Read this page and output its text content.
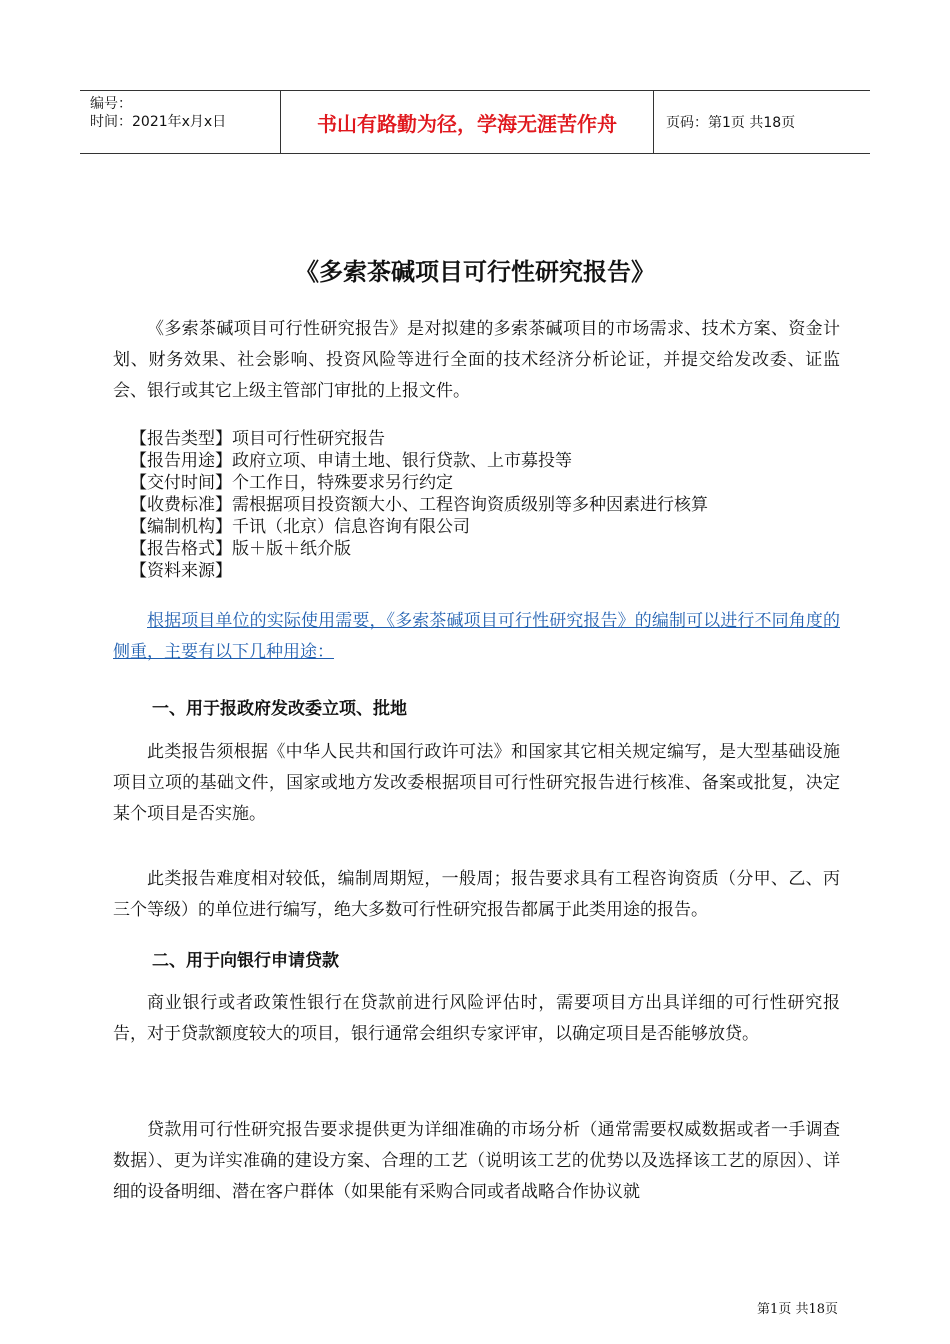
编号：
时间：2021年x月x日	书山有路勤为径，学海无涯苦作舟	页码：第1页 共18页
《多索茶碱项目可行性研究报告》

《多索茶碱项目可行性研究报告》是对拟建的多索茶碱项目的市场需求、技术方案、资金计划、财务效果、社会影响、投资风险等进行全面的技术经济分析论证，并提交给发改委、证监会、银行或其它上级主管部门审批的上报文件。

【报告类型】项目可行性研究报告
【报告用途】政府立项、申请土地、银行贷款、上市募投等
【交付时间】个工作日，特殊要求另行约定
【收费标准】需根据项目投资额大小、工程咨询资质级别等多种因素进行核算
【编制机构】千讯（北京）信息咨询有限公司
【报告格式】版＋版＋纸介版
【资料来源】

根据项目单位的实际使用需要，《多索茶碱项目可行性研究报告》的编制可以进行不同角度的侧重，主要有以下几种用途：

一、用于报政府发改委立项、批地

此类报告须根据《中华人民共和国行政许可法》和国家其它相关规定编写，是大型基础设施项目立项的基础文件，国家或地方发改委根据项目可行性研究报告进行核准、备案或批复，决定某个项目是否实施。

此类报告难度相对较低，编制周期短，一般周；报告要求具有工程咨询资质（分甲、乙、丙三个等级）的单位进行编写，绝大多数可行性研究报告都属于此类用途的报告。

二、用于向银行申请贷款

商业银行或者政策性银行在贷款前进行风险评估时，需要项目方出具详细的可行性研究报告，对于贷款额度较大的项目，银行通常会组织专家评审，以确定项目是否能够放贷。

贷款用可行性研究报告要求提供更为详细准确的市场分析（通常需要权威数据或者一手调查数据）、更为详实准确的建设方案、合理的工艺（说明该工艺的优势以及选择该工艺的原因）、详细的设备明细、潜在客户群体（如果能有采购合同或者战略合作协议就

第1页 共18页
